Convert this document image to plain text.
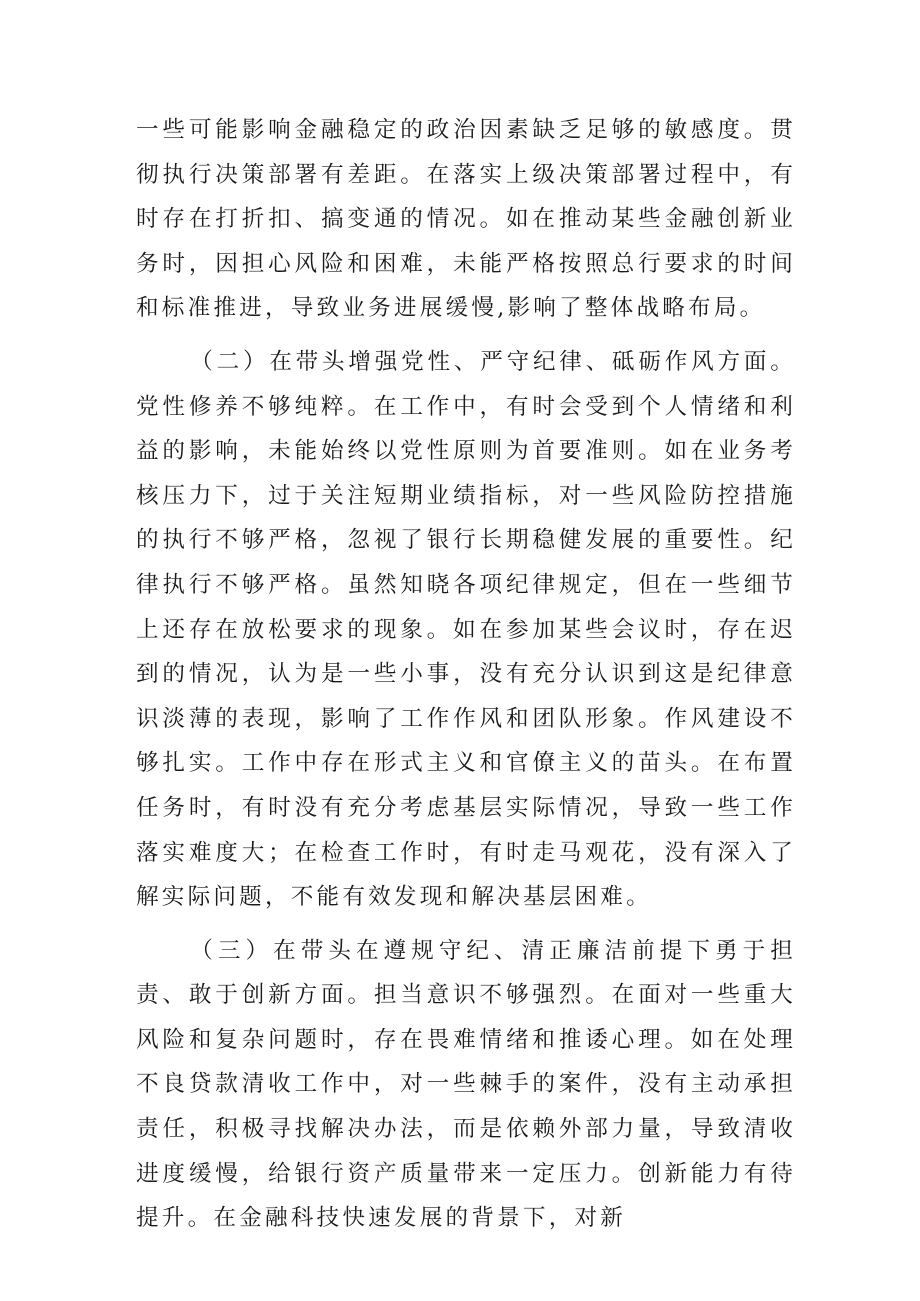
一些可能影响金融稳定的政治因素缺乏足够的敏感度。贯彻执行决策部署有差距。在落实上级决策部署过程中，有时存在打折扣、搞变通的情况。如在推动某些金融创新业务时，因担心风险和困难，未能严格按照总行要求的时间和标准推进，导致业务进展缓慢,影响了整体战略布局。

（二）在带头增强党性、严守纪律、砥砺作风方面。党性修养不够纯粹。在工作中，有时会受到个人情绪和利益的影响，未能始终以党性原则为首要准则。如在业务考核压力下，过于关注短期业绩指标，对一些风险防控措施的执行不够严格，忽视了银行长期稳健发展的重要性。纪律执行不够严格。虽然知晓各项纪律规定，但在一些细节上还存在放松要求的现象。如在参加某些会议时，存在迟到的情况，认为是一些小事，没有充分认识到这是纪律意识淡薄的表现，影响了工作作风和团队形象。作风建设不够扎实。工作中存在形式主义和官僚主义的苗头。在布置任务时，有时没有充分考虑基层实际情况，导致一些工作落实难度大；在检查工作时，有时走马观花，没有深入了解实际问题，不能有效发现和解决基层困难。

（三）在带头在遵规守纪、清正廉洁前提下勇于担责、敢于创新方面。担当意识不够强烈。在面对一些重大风险和复杂问题时，存在畏难情绪和推诿心理。如在处理不良贷款清收工作中，对一些棘手的案件，没有主动承担责任，积极寻找解决办法，而是依赖外部力量，导致清收进度缓慢，给银行资产质量带来一定压力。创新能力有待提升。在金融科技快速发展的背景下，对新
